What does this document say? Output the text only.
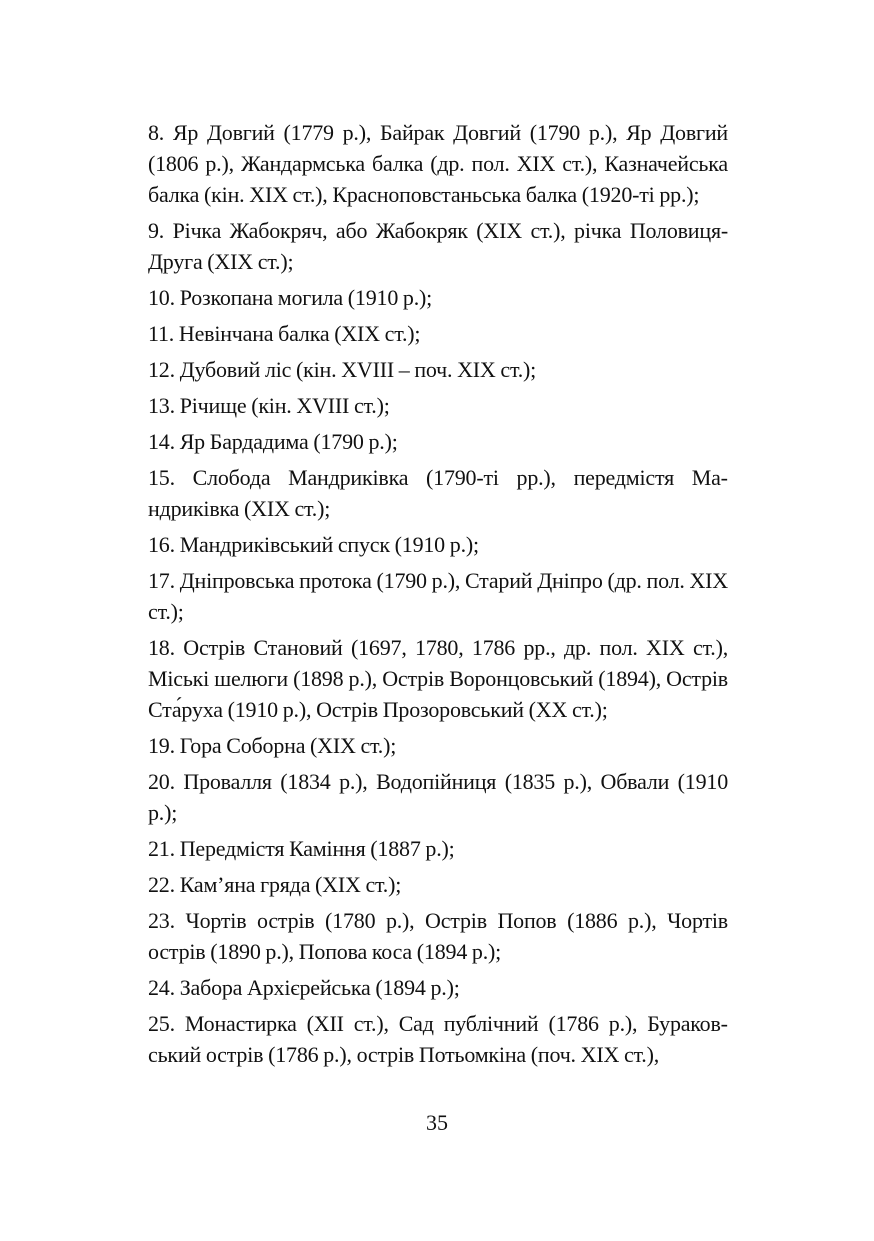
8. Яр Довгий (1779 р.), Байрак Довгий (1790 р.), Яр Довгий (1806 р.), Жандармська балка (др. пол. XIX ст.), Казначейська балка (кін. XIX ст.), Красноповстаньська балка (1920-ті рр.);

9. Річка Жабокряч, або Жабокряк (XIX ст.), річка Половиця-Друга (XIX ст.);

10. Розкопана могила (1910 р.);

11. Невінчана балка (XIX ст.);

12. Дубовий ліс (кін. XVIII – поч. XIX ст.);

13. Річище (кін. XVIII ст.);

14. Яр Бардадима (1790 р.);

15. Слобода Мандриківка (1790-ті рр.), передмістя Мандриківка (XIX ст.);

16. Мандриківський спуск (1910 р.);

17. Дніпровська протока (1790 р.), Старий Дніпро (др. пол. XIX ст.);

18. Острів Становий (1697, 1780, 1786 рр., др. пол. XIX ст.), Міські шелюги (1898 р.), Острів Воронцовський (1894), Острів Ста́руха (1910 р.), Острів Прозоровський (XX ст.);

19. Гора Соборна (XIX ст.);

20. Провалля (1834 р.), Водопійниця (1835 р.), Обвали (1910 р.);

21. Передмістя Каміння (1887 р.);

22. Кам’яна гряда (XIX ст.);

23. Чортів острів (1780 р.), Острів Попов (1886 р.), Чортів острів (1890 р.), Попова коса (1894 р.);

24. Забора Архієрейська (1894 р.);

25. Монастирка (XII ст.), Сад публічний (1786 р.), Бураковський острів (1786 р.), острів Потьомкіна (поч. XIX ст.),

35
